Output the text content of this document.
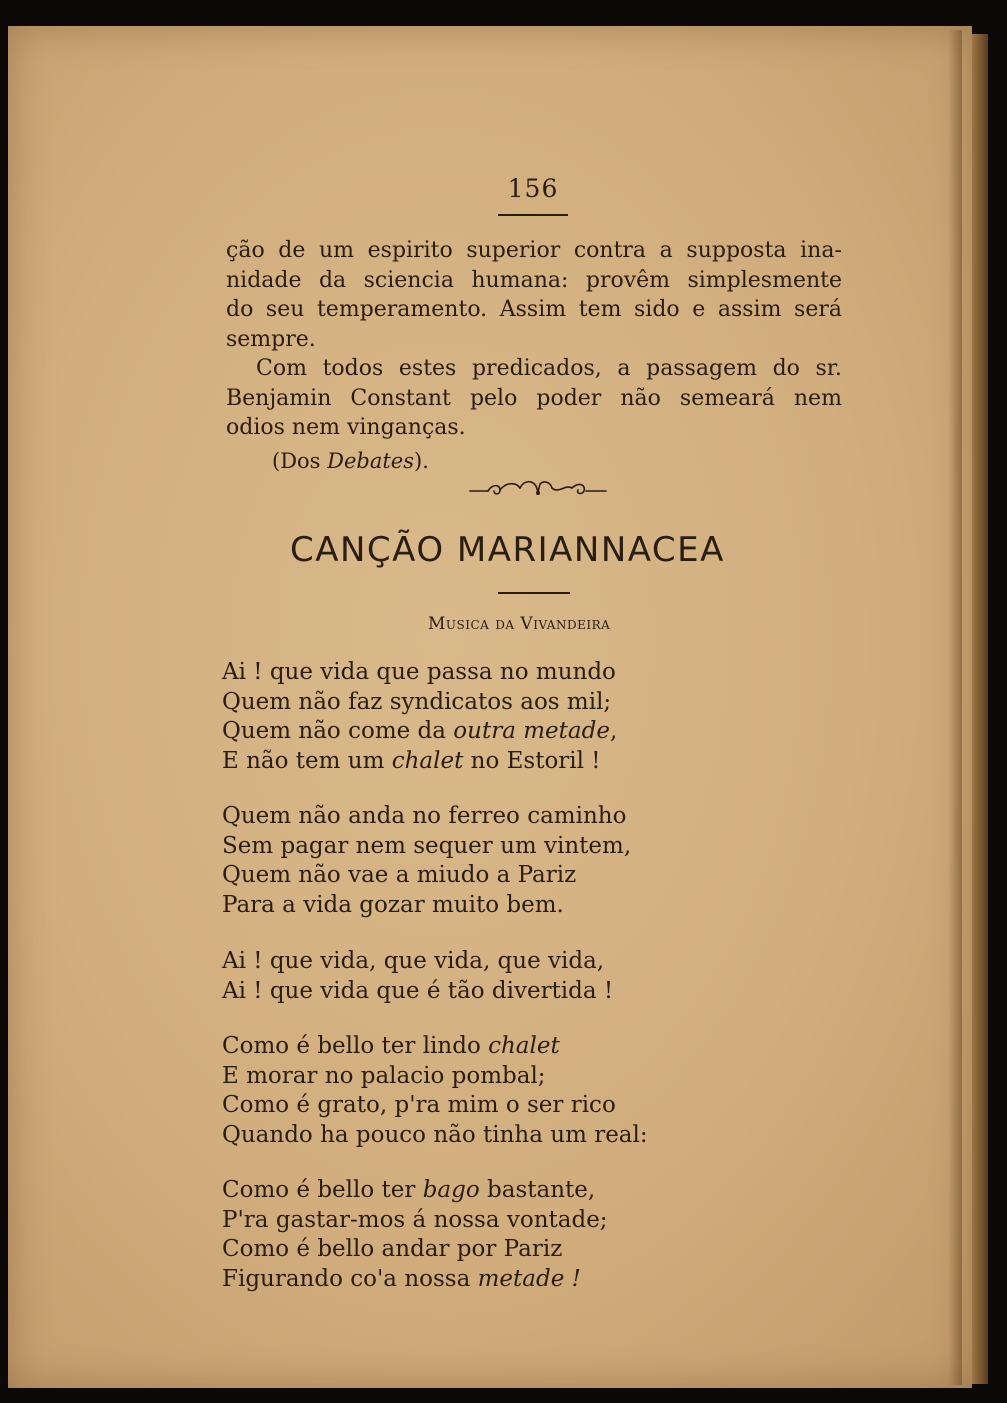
156
ção de um espirito superior contra a supposta ina-
nidade da sciencia humana: provêm simplesmente
do seu temperamento. Assim tem sido e assim será
sempre.
Com todos estes predicados, a passagem do sr.
Benjamin Constant pelo poder não semeará nem
odios nem vinganças.
(Dos Debates).
CANÇÃO MARIANNACEA
Musica da Vivandeira
Ai ! que vida que passa no mundo
Quem não faz syndicatos aos mil;
Quem não come da outra metade,
E não tem um chalet no Estoril !
Quem não anda no ferreo caminho
Sem pagar nem sequer um vintem,
Quem não vae a miudo a Pariz
Para a vida gozar muito bem.
Ai ! que vida, que vida, que vida,
Ai ! que vida que é tão divertida !
Como é bello ter lindo chalet
E morar no palacio pombal;
Como é grato, p'ra mim o ser rico
Quando ha pouco não tinha um real:
Como é bello ter bago bastante,
P'ra gastar-mos á nossa vontade;
Como é bello andar por Pariz
Figurando co'a nossa metade !
